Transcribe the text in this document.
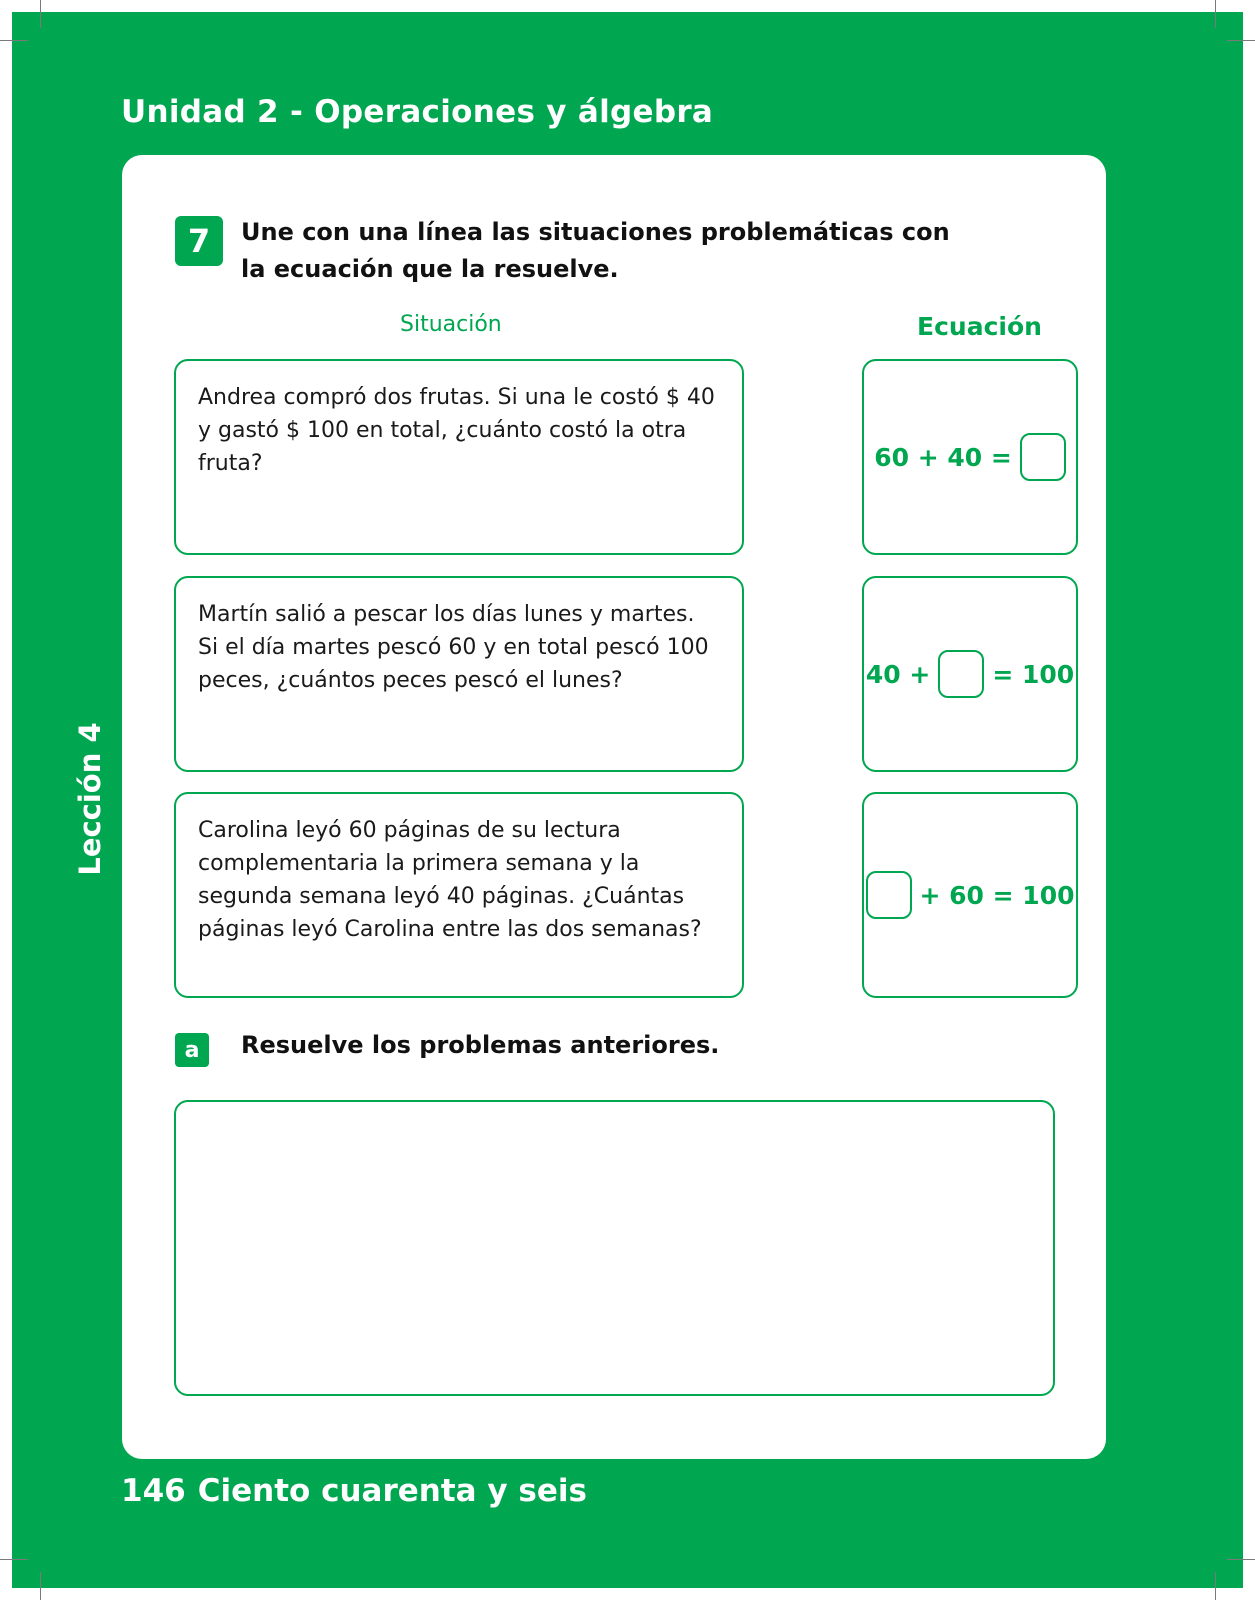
Unidad 2 - Operaciones y álgebra
Lección 4
7	Une con una línea las situaciones problemáticas con la ecuación que la resuelve.

Situación	Ecuación
Andrea compró dos frutas. Si una le costó $ 40 y gastó $ 100 en total, ¿cuánto costó la otra fruta?
Martín salió a pescar los días lunes y martes. Si el día martes pescó 60 y en total pescó 100 peces, ¿cuántos peces pescó el lunes?
Carolina leyó 60 páginas de su lectura complementaria la primera semana y la segunda semana leyó 40 páginas. ¿Cuántas páginas leyó Carolina entre las dos semanas?
60 + 40 =
40 + = 100
+ 60 = 100
a	Resuelve los problemas anteriores.

146 Ciento cuarenta y seis
